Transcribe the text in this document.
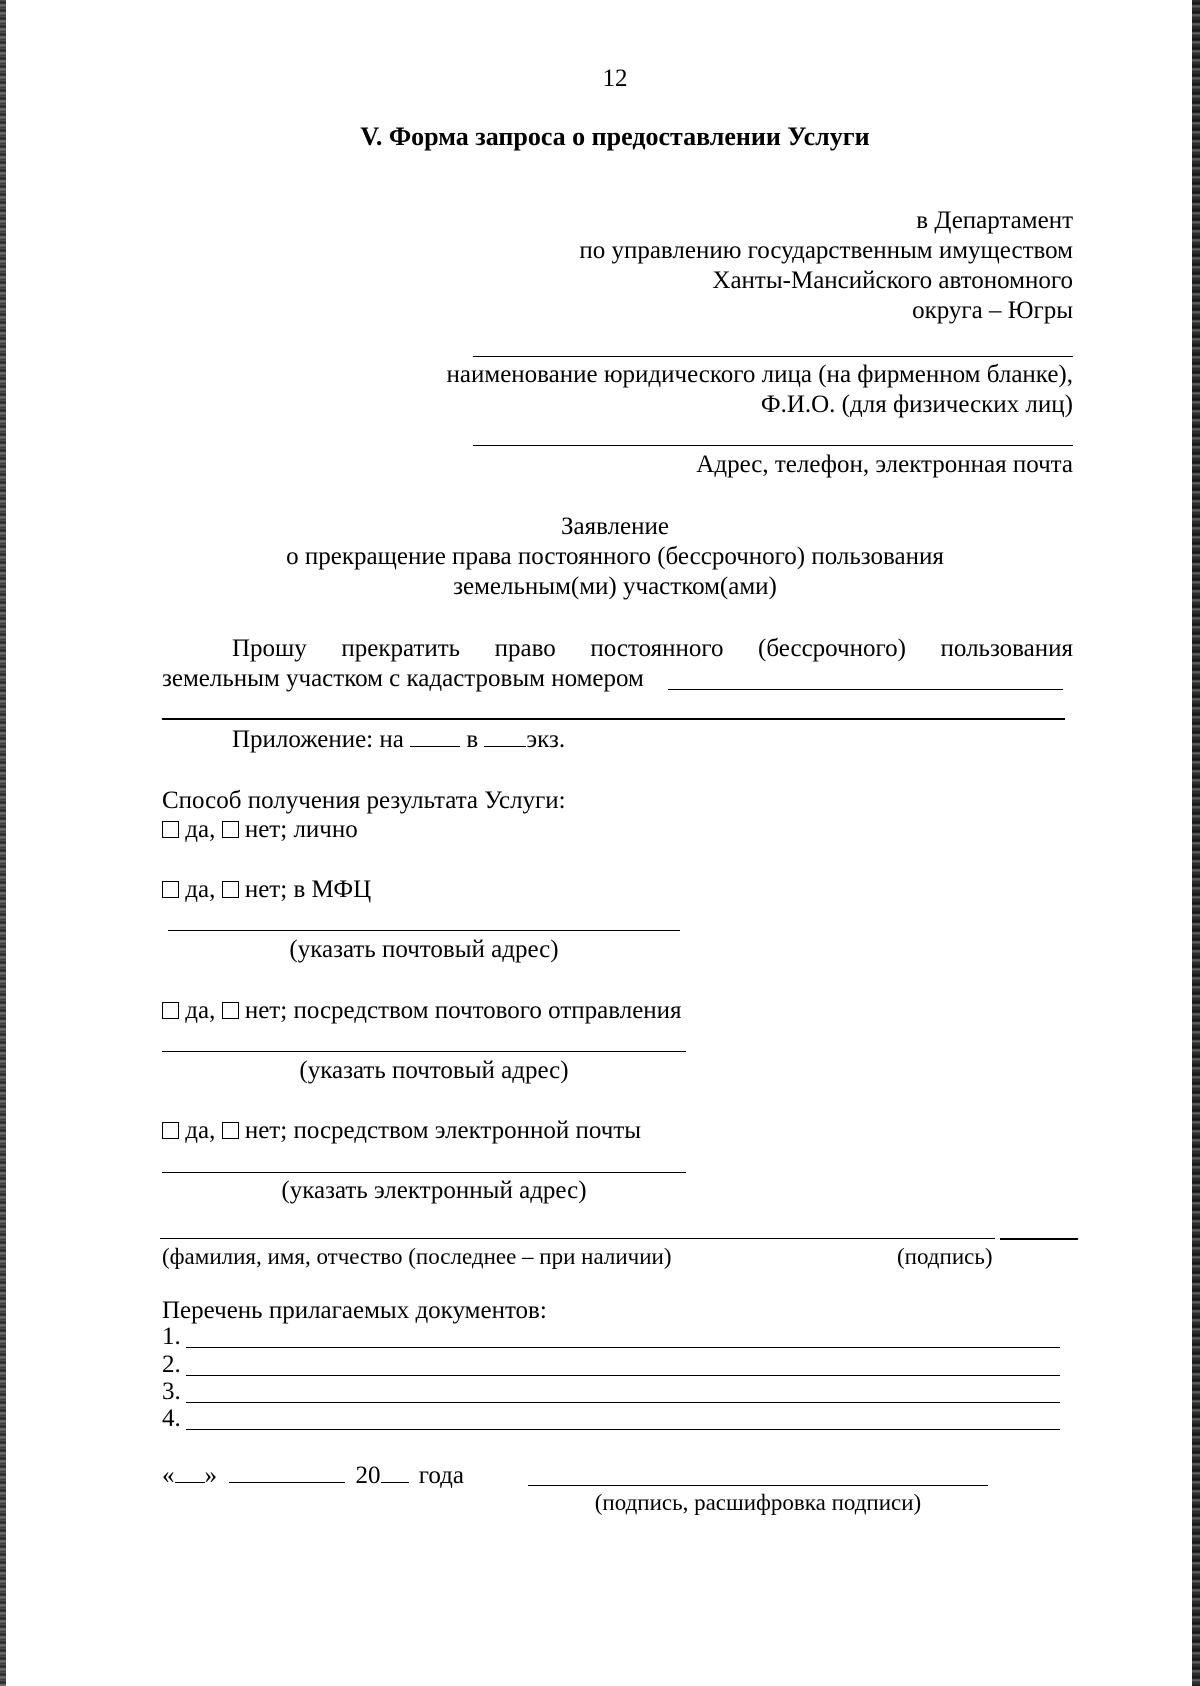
12
V. Форма запроса о предоставлении Услуги
в Департамент
по управлению государственным имуществом
Ханты-Мансийского автономного
округа – Югры
наименование юридического лица (на фирменном бланке),
Ф.И.О. (для физических лиц)
Адрес, телефон, электронная почта
Заявление
о прекращение права постоянного (бессрочного) пользования
земельным(ми) участком(ами)
Прошу прекратить право постоянного (бессрочного) пользования
земельным участком с кадастровым номером
Приложение: на	в экз.
Способ получения результата Услуги:
да, нет; лично
да, нет; в МФЦ
(указать почтовый адрес)
да, нет; посредством почтового отправления
(указать почтовый адрес)
да, нет; посредством электронной почты
(указать электронный адрес)
(фамилия, имя, отчество (последнее – при наличии)	(подпись)
Перечень прилагаемых документов:
1.
2.
3.
4.
« »	20 года
(подпись, расшифровка подписи)
